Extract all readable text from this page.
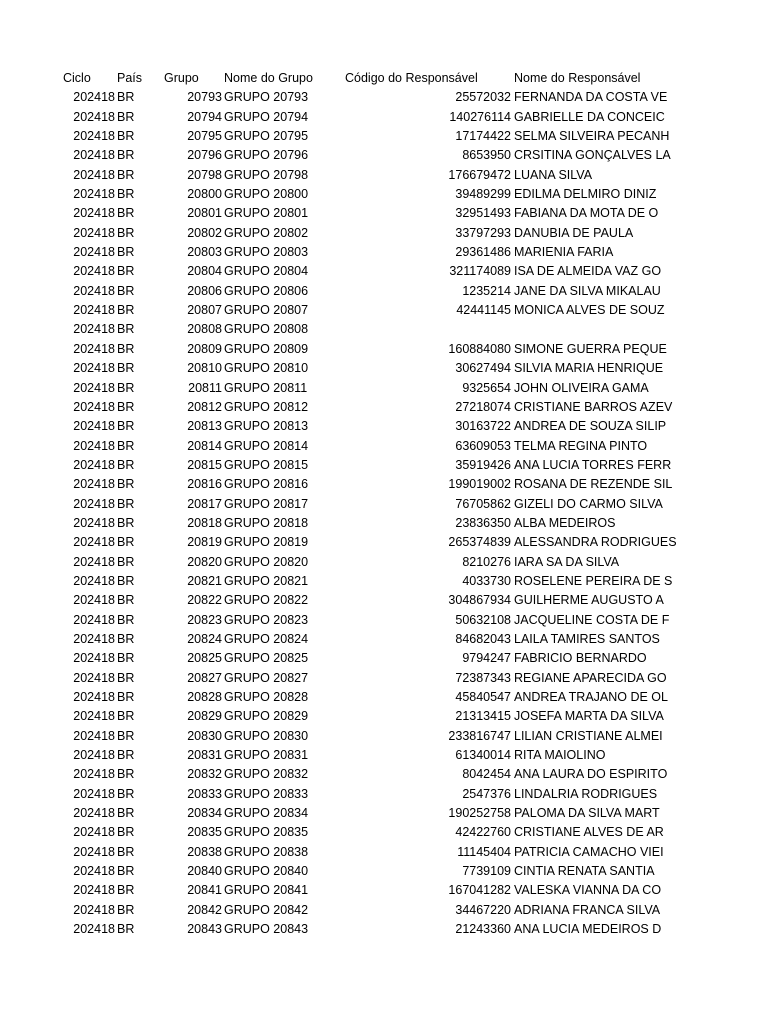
Ciclo	País	Grupo	Nome do Grupo	Código do Responsável	Nome do Responsável
202418 BR	20793 GRUPO 20793	25572032 FERNANDA DA COSTA VE
202418 BR	20794 GRUPO 20794	140276114 GABRIELLE DA CONCEIC
202418 BR	20795 GRUPO 20795	17174422 SELMA SILVEIRA PECANH
202418 BR	20796 GRUPO 20796	8653950 CRSITINA GONÇALVES LA
202418 BR	20798 GRUPO 20798	176679472 LUANA SILVA
202418 BR	20800 GRUPO 20800	39489299 EDILMA DELMIRO DINIZ
202418 BR	20801 GRUPO 20801	32951493 FABIANA DA MOTA DE O
202418 BR	20802 GRUPO 20802	33797293 DANUBIA DE PAULA
202418 BR	20803 GRUPO 20803	29361486 MARIENIA FARIA
202418 BR	20804 GRUPO 20804	321174089 ISA DE ALMEIDA VAZ GO
202418 BR	20806 GRUPO 20806	1235214 JANE DA SILVA MIKALAU
202418 BR	20807 GRUPO 20807	42441145 MONICA ALVES DE SOUZ
202418 BR	20808 GRUPO 20808
202418 BR	20809 GRUPO 20809	160884080 SIMONE GUERRA PEQUE
202418 BR	20810 GRUPO 20810	30627494 SILVIA MARIA HENRIQUE
202418 BR	20811 GRUPO 20811	9325654 JOHN OLIVEIRA GAMA
202418 BR	20812 GRUPO 20812	27218074 CRISTIANE BARROS AZEV
202418 BR	20813 GRUPO 20813	30163722 ANDREA DE SOUZA SILIP
202418 BR	20814 GRUPO 20814	63609053 TELMA REGINA PINTO
202418 BR	20815 GRUPO 20815	35919426 ANA LUCIA TORRES FERR
202418 BR	20816 GRUPO 20816	199019002 ROSANA DE REZENDE SIL
202418 BR	20817 GRUPO 20817	76705862 GIZELI DO CARMO SILVA
202418 BR	20818 GRUPO 20818	23836350 ALBA MEDEIROS
202418 BR	20819 GRUPO 20819	265374839 ALESSANDRA RODRIGUES
202418 BR	20820 GRUPO 20820	8210276 IARA SA DA SILVA
202418 BR	20821 GRUPO 20821	4033730 ROSELENE PEREIRA DE S
202418 BR	20822 GRUPO 20822	304867934 GUILHERME AUGUSTO A
202418 BR	20823 GRUPO 20823	50632108 JACQUELINE COSTA DE F
202418 BR	20824 GRUPO 20824	84682043 LAILA TAMIRES SANTOS
202418 BR	20825 GRUPO 20825	9794247 FABRICIO BERNARDO
202418 BR	20827 GRUPO 20827	72387343 REGIANE APARECIDA GO
202418 BR	20828 GRUPO 20828	45840547 ANDREA TRAJANO DE OL
202418 BR	20829 GRUPO 20829	21313415 JOSEFA MARTA DA SILVA
202418 BR	20830 GRUPO 20830	233816747 LILIAN CRISTIANE ALMEI
202418 BR	20831 GRUPO 20831	61340014 RITA MAIOLINO
202418 BR	20832 GRUPO 20832	8042454 ANA LAURA DO ESPIRITO
202418 BR	20833 GRUPO 20833	2547376 LINDALRIA RODRIGUES
202418 BR	20834 GRUPO 20834	190252758 PALOMA DA SILVA MART
202418 BR	20835 GRUPO 20835	42422760 CRISTIANE ALVES DE AR
202418 BR	20838 GRUPO 20838	11145404 PATRICIA CAMACHO VIEI
202418 BR	20840 GRUPO 20840	7739109 CINTIA RENATA SANTIA
202418 BR	20841 GRUPO 20841	167041282 VALESKA VIANNA DA CO
202418 BR	20842 GRUPO 20842	34467220 ADRIANA FRANCA SILVA
202418 BR	20843 GRUPO 20843	21243360 ANA LUCIA MEDEIROS D
